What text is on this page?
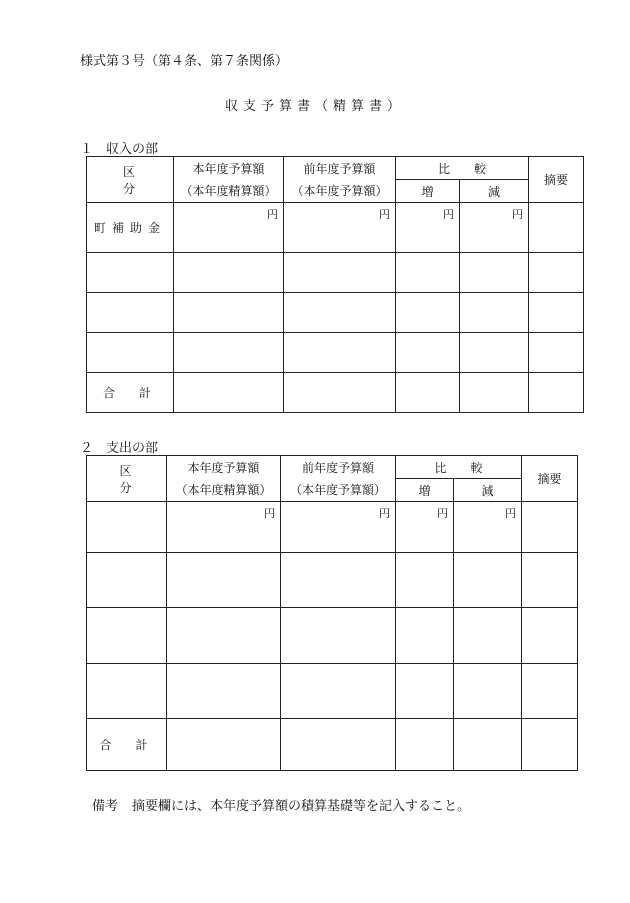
様式第３号（第４条、第７条関係）
収支予算書（精算書）
１　収入の部
区　分	本年度予算額	前年度予算額	比　　較		摘要
	（本年度精算額）	（本年度予算額）	増	減	
町補助金	円	円	円	円	

合　計					
２　支出の部
区　分	本年度予算額	前年度予算額	比　　較		摘要
	（本年度精算額）	（本年度予算額）	増	減	
	円	円	円	円	

合　計					
備考 摘要欄には、本年度予算額の積算基礎等を記入すること。
